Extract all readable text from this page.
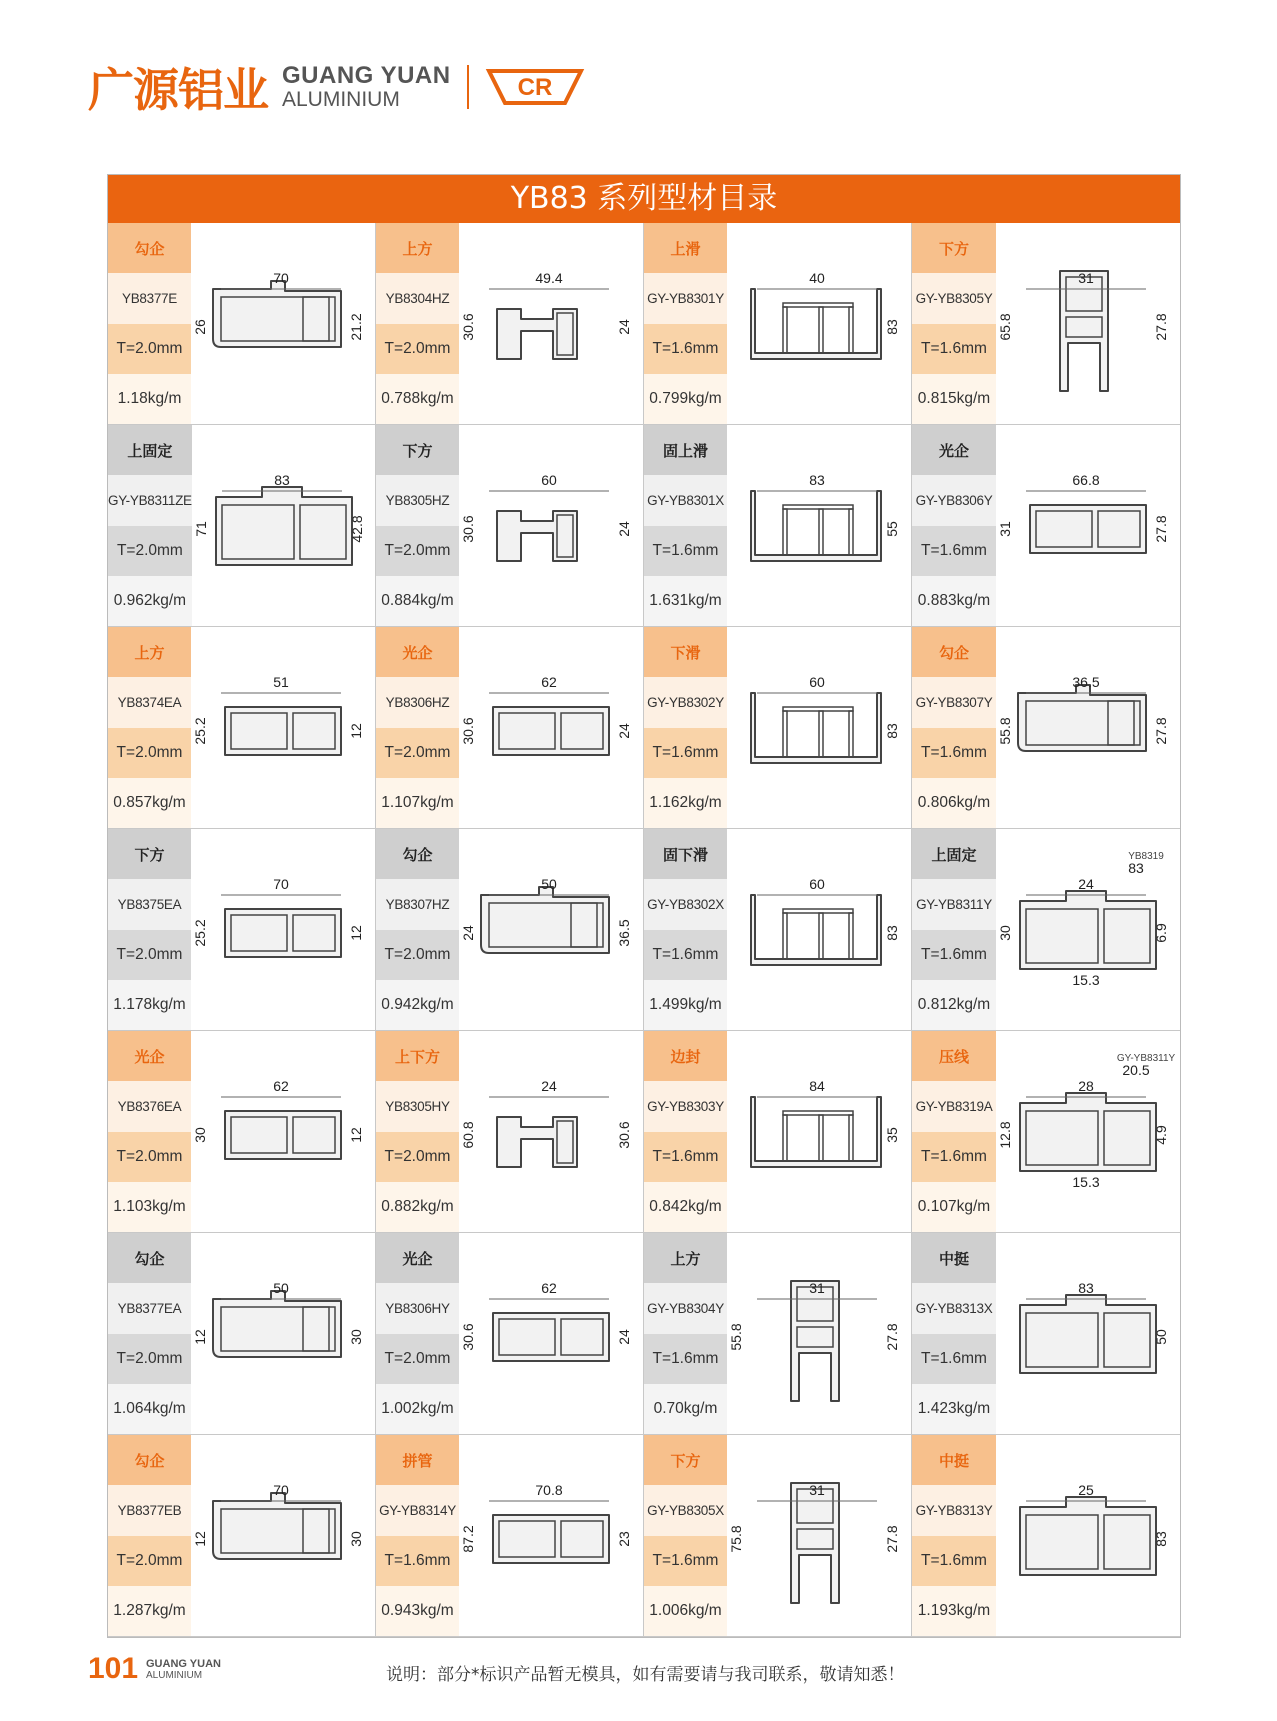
广源铝业 GUANG YUAN
ALUMINIUM	CR
YB83 系列型材目录
勾企
YB8377E
T=2.0mm
1.18kg/m
70
21.2
26
上方
YB8304HZ
T=2.0mm
0.788kg/m
49.4
24
30.6
上滑
GY-YB8301Y
T=1.6mm
0.799kg/m
40
83
下方
GY-YB8305Y
T=1.6mm
0.815kg/m
31
27.8
65.8
上固定
GY-YB8311ZE
T=2.0mm
0.962kg/m
83
42.8
71
下方
YB8305HZ
T=2.0mm
0.884kg/m
60
24
30.6
固上滑
GY-YB8301X
T=1.6mm
1.631kg/m
83
55
光企
GY-YB8306Y
T=1.6mm
0.883kg/m
66.8
27.8
31
上方
YB8374EA
T=2.0mm
0.857kg/m
51
12
25.2
光企
YB8306HZ
T=2.0mm
1.107kg/m
62
24
30.6
下滑
GY-YB8302Y
T=1.6mm
1.162kg/m
60
83
勾企
GY-YB8307Y
T=1.6mm
0.806kg/m
36.5
27.8
55.8
下方
YB8375EA
T=2.0mm
1.178kg/m
70
12
25.2
勾企
YB8307HZ
T=2.0mm
0.942kg/m
50
36.5
24
固下滑
GY-YB8302X
T=1.6mm
1.499kg/m
60
83
上固定
GY-YB8311Y
T=1.6mm
0.812kg/m
24
6.9
30
15.3
83
YB8319
光企
YB8376EA
T=2.0mm
1.103kg/m
62
12
30
上下方
YB8305HY
T=2.0mm
0.882kg/m
24
30.6
60.8
边封
GY-YB8303Y
T=1.6mm
0.842kg/m
84
35
压线
GY-YB8319A
T=1.6mm
0.107kg/m
28
4.9
12.8
15.3
20.5
GY-YB8311Y
勾企
YB8377EA
T=2.0mm
1.064kg/m
50
30
12
光企
YB8306HY
T=2.0mm
1.002kg/m
62
24
30.6
上方
GY-YB8304Y
T=1.6mm
0.70kg/m
31
27.8
55.8
中挺
GY-YB8313X
T=1.6mm
1.423kg/m
83
50
勾企
YB8377EB
T=2.0mm
1.287kg/m
70
30
12
拼管
GY-YB8314Y
T=1.6mm
0.943kg/m
70.8
23
87.2
下方
GY-YB8305X
T=1.6mm
1.006kg/m
31
27.8
75.8
中挺
GY-YB8313Y
T=1.6mm
1.193kg/m
25
83
101 GUANG YUAN
ALUMINIUM	说明：部分*标识产品暂无模具，如有需要请与我司联系，敬请知悉！
